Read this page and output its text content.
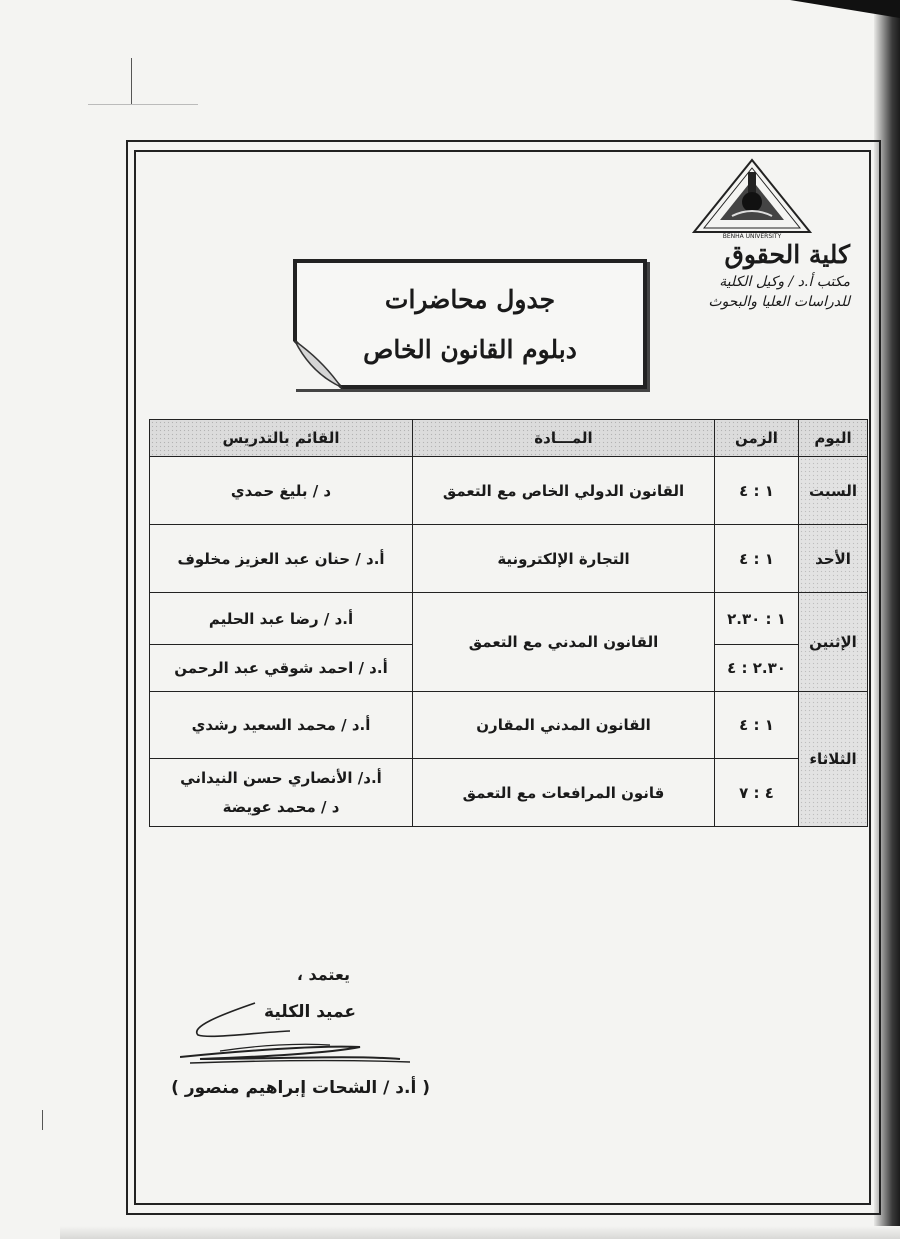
BENHA UNIVERSITY
كلية الحقوق
مكتب أ.د / وكيل الكلية
للدراسات العليا والبحوث
جدول محاضرات
دبلوم القانون الخاص
اليوم	الزمن	المـــادة	القائم بالتدريس
السبت	١ : ٤	القانون الدولي الخاص مع التعمق	د / بليغ حمدي
الأحد	١ : ٤	التجارة الإلكترونية	أ.د / حنان عبد العزيز مخلوف
الإثنين	١ : ٢.٣٠	القانون المدني مع التعمق	أ.د / رضا عبد الحليم
	٢.٣٠ : ٤		أ.د / احمد شوقي عبد الرحمن
الثلاثاء	١ : ٤	القانون المدني المقارن	أ.د / محمد السعيد رشدي
	٤ : ٧	قانون المرافعات مع التعمق	أ.د/ الأنصاري حسن النيداني
د / محمد عويضة
يعتمد ،
عميد الكلية
( أ.د / الشحات إبراهيم منصور )
